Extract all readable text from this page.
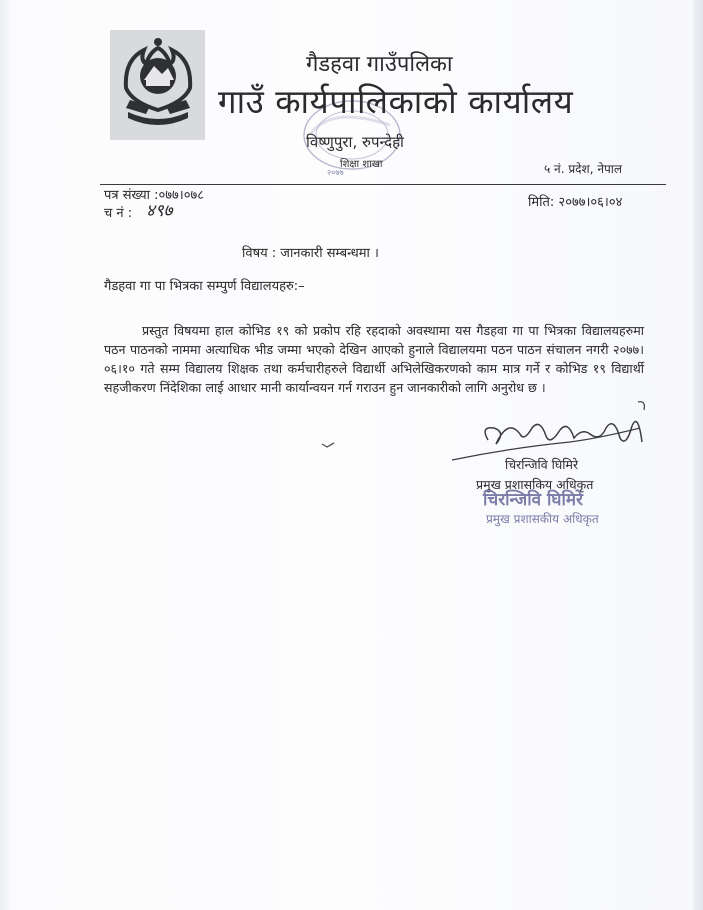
गैडहवा गाउँपलिका
गाउँ कार्यपालिकाको कार्यालय
विष्णुपुरा, रुपन्देही
शिक्षा शाखा
२०७७	५ नं. प्रदेश, नेपाल
पत्र संख्या :०७७।०७८
च नं : ४९७	मिति: २०७७।०६।०४
विषय : जानकारी सम्बन्धमा ।
गैडहवा गा पा भित्रका सम्पुर्ण विद्यालयहरु:–

प्रस्तुत विषयमा हाल कोभिड १९ को प्रकोप रहि रहदाको अवस्थामा यस गैडहवा गा पा भित्रका विद्यालयहरुमा पठन पाठनको नाममा अत्याधिक भीड जम्मा भएको देखिन आएको हुनाले विद्यालयमा पठन पाठन संचालन नगरी २०७७।०६।१० गते सम्म विद्यालय शिक्षक तथा कर्मचारीहरुले विद्यार्थी अभिलेखिकरणको काम मात्र गर्ने र कोभिड १९ विद्यार्थी सहजीकरण निंदेशिका लाई आधार मानी कार्यान्वयन गर्न गराउन हुन जानकारीको लागि अनुरोध छ ।

चिरन्जिवि घिमिरे
प्रमुख प्रशासकिय अधिकृत
चिरन्जिवि घिमिरे
प्रमुख प्रशासकीय अधिकृत
